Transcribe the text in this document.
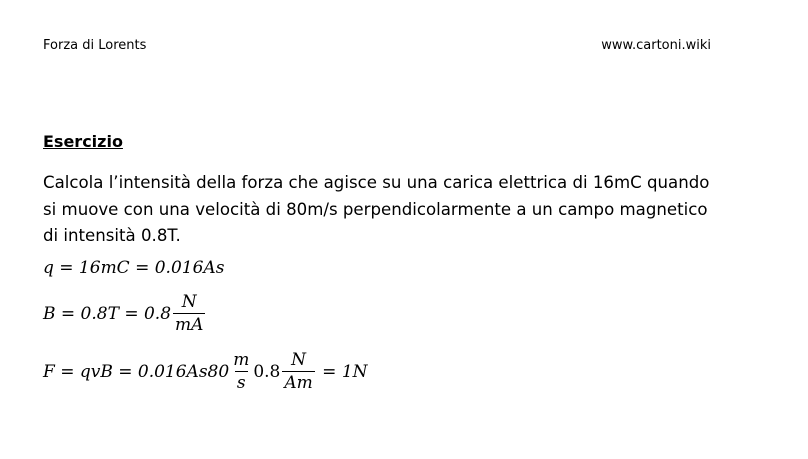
Forza di Lorents	www.cartoni.wiki
Esercizio
Calcola l’intensità della forza che agisce su una carica elettrica di 16mC quando
si muove con una velocità di 80m/s perpendicolarmente a un campo magnetico
di intensità 0.8T.
q = 16mC = 0.016As
$B = 0.8T = 0.8 \frac{N}{mA}$
F = qvB = $0.016As80 \frac{m}{s} 0.8 \frac{N}{Am} = 1N$
